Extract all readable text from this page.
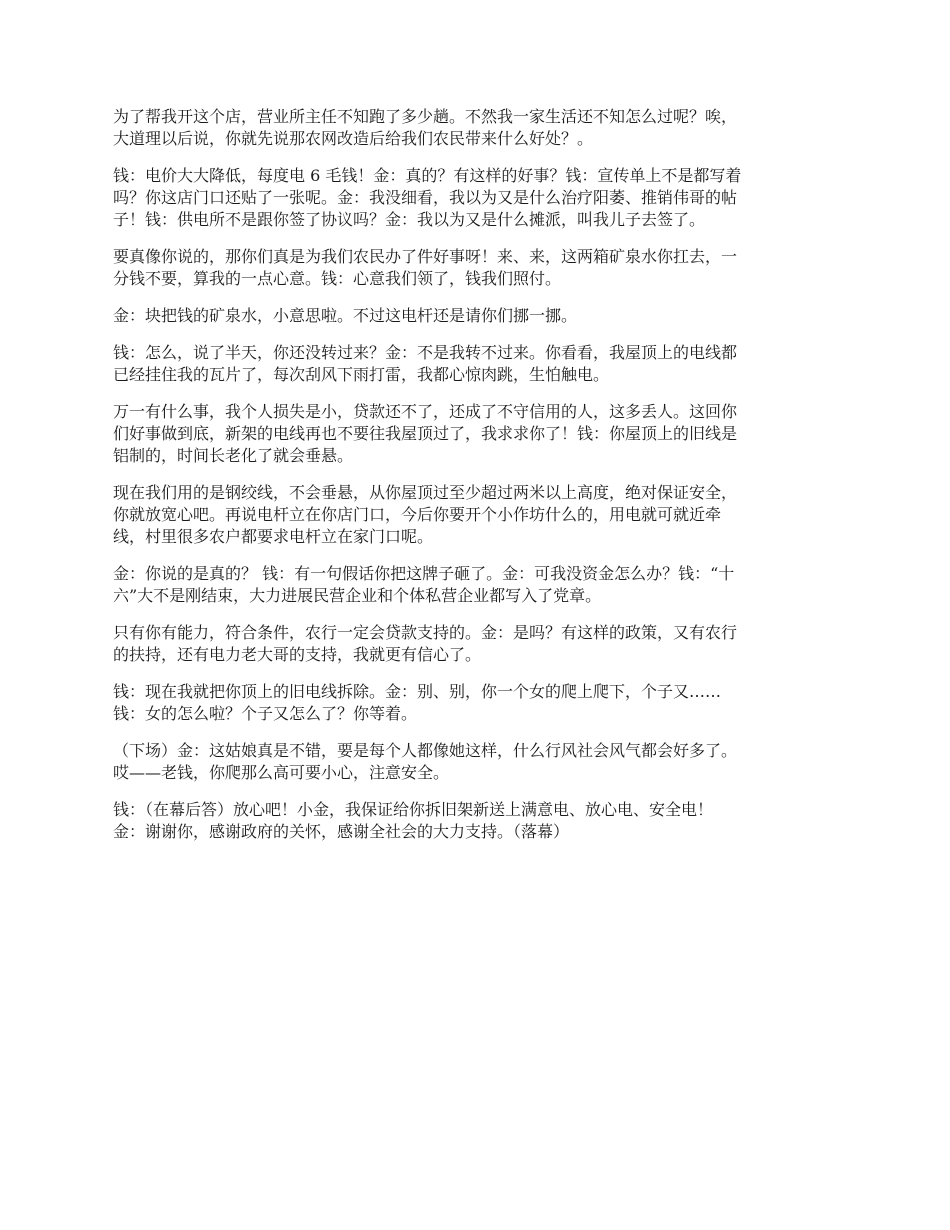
为了帮我开这个店，营业所主任不知跑了多少趟。不然我一家生活还不知怎么过呢？唉，
大道理以后说，你就先说那农网改造后给我们农民带来什么好处？。

钱：电价大大降低，每度电 6 毛钱！金：真的？有这样的好事？钱：宣传单上不是都写着
吗？你这店门口还贴了一张呢。金：我没细看，我以为又是什么治疗阳萎、推销伟哥的帖
子！钱：供电所不是跟你签了协议吗？金：我以为又是什么摊派，叫我儿子去签了。

要真像你说的，那你们真是为我们农民办了件好事呀！来、来，这两箱矿泉水你扛去，一
分钱不要，算我的一点心意。钱：心意我们领了，钱我们照付。

金：块把钱的矿泉水，小意思啦。不过这电杆还是请你们挪一挪。

钱：怎么，说了半天，你还没转过来？金：不是我转不过来。你看看，我屋顶上的电线都
已经挂住我的瓦片了，每次刮风下雨打雷，我都心惊肉跳，生怕触电。

万一有什么事，我个人损失是小，贷款还不了，还成了不守信用的人，这多丢人。这回你
们好事做到底，新架的电线再也不要往我屋顶过了，我求求你了！钱：你屋顶上的旧线是
铝制的，时间长老化了就会垂悬。

现在我们用的是钢绞线，不会垂悬，从你屋顶过至少超过两米以上高度，绝对保证安全，
你就放宽心吧。再说电杆立在你店门口，今后你要开个小作坊什么的，用电就可就近牵
线，村里很多农户都要求电杆立在家门口呢。

金：你说的是真的？ 钱：有一句假话你把这牌子砸了。金：可我没资金怎么办？钱：“十
六”大不是刚结束，大力进展民营企业和个体私营企业都写入了党章。

只有你有能力，符合条件，农行一定会贷款支持的。金：是吗？有这样的政策，又有农行
的扶持，还有电力老大哥的支持，我就更有信心了。

钱：现在我就把你顶上的旧电线拆除。金：别、别，你一个女的爬上爬下，个子又……
钱：女的怎么啦？个子又怎么了？你等着。

（下场）金：这姑娘真是不错，要是每个人都像她这样，什么行风社会风气都会好多了。
哎——老钱，你爬那么高可要小心，注意安全。

钱：（在幕后答）放心吧！小金，我保证给你拆旧架新送上满意电、放心电、安全电！
金：谢谢你，感谢政府的关怀，感谢全社会的大力支持。（落幕）
